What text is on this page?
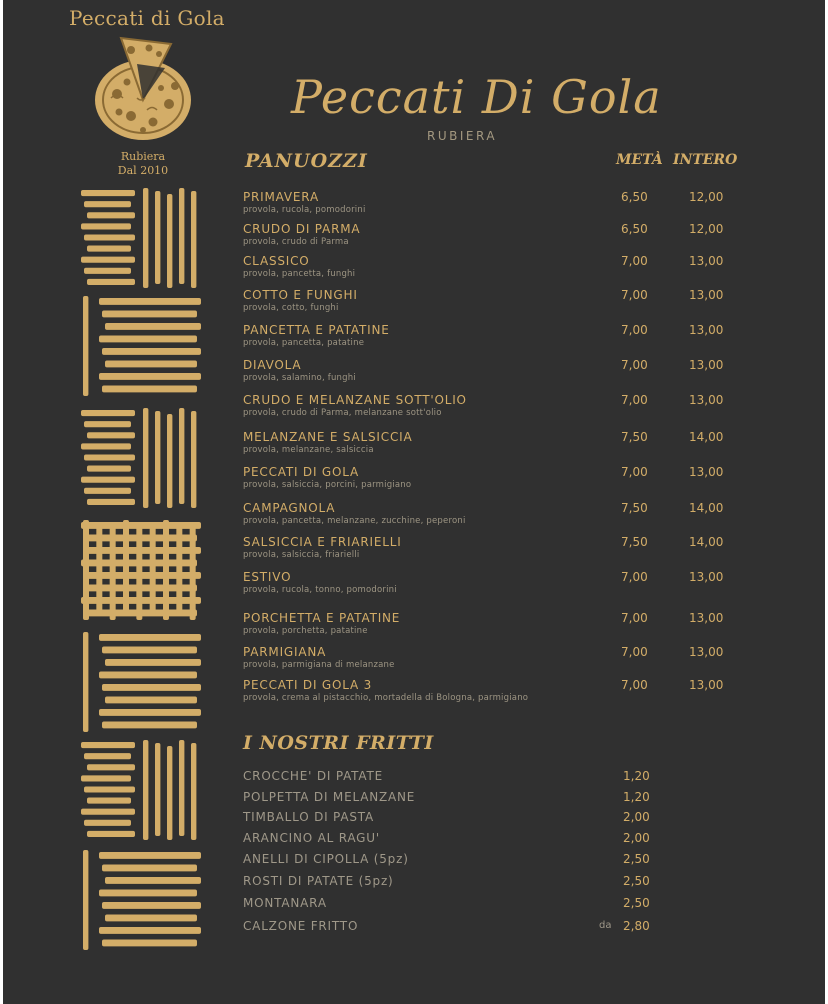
Peccati di Gola
Rubiera
Dal 2010
Peccati Di Gola
RUBIERA
PANUOZZI	METÀ INTERO
PRIMAVERA
provola, rucola, pomodorini
6,50	12,00
CRUDO DI PARMA
provola, crudo di Parma
6,50	12,00
CLASSICO
provola, pancetta, funghi
7,00	13,00
COTTO E FUNGHI
provola, cotto, funghi
7,00	13,00
PANCETTA E PATATINE
provola, pancetta, patatine
7,00	13,00
DIAVOLA
provola, salamino, funghi
7,00	13,00
CRUDO E MELANZANE SOTT'OLIO
provola, crudo di Parma, melanzane sott'olio
7,00	13,00
MELANZANE E SALSICCIA
provola, melanzane, salsiccia
7,50	14,00
PECCATI DI GOLA
provola, salsiccia, porcini, parmigiano
7,00	13,00
CAMPAGNOLA
provola, pancetta, melanzane, zucchine, peperoni
7,50	14,00
SALSICCIA E FRIARIELLI
provola, salsiccia, friarielli
7,50	14,00
ESTIVO
provola, rucola, tonno, pomodorini
7,00	13,00
PORCHETTA E PATATINE
provola, porchetta, patatine
7,00	13,00
PARMIGIANA
provola, parmigiana di melanzane
7,00	13,00
PECCATI DI GOLA 3
provola, crema al pistacchio, mortadella di Bologna, parmigiano
7,00	13,00
I NOSTRI FRITTI
CROCCHE' DI PATATE	1,20
POLPETTA DI MELANZANE	1,20
TIMBALLO DI PASTA	2,00
ARANCINO AL RAGU'	2,00
ANELLI DI CIPOLLA (5pz)	2,50
ROSTI DI PATATE (5pz)	2,50
MONTANARA	2,50
CALZONE FRITTO	da 2,80
